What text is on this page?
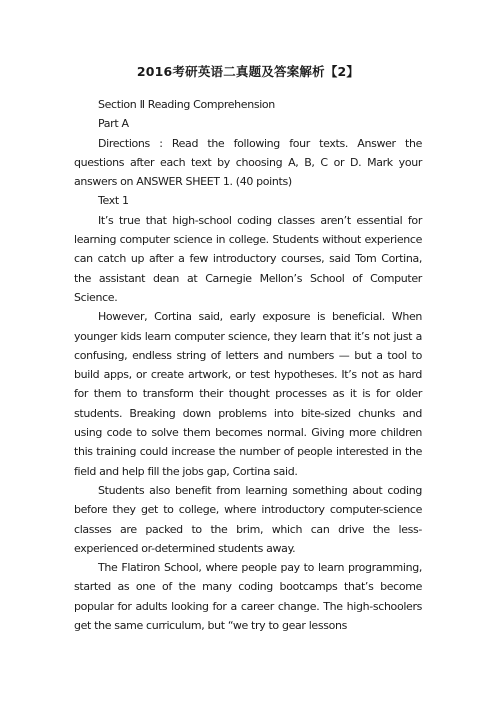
2016考研英语二真题及答案解析【2】

Section Ⅱ Reading Comprehension

Part A

Directions : Read the following four texts. Answer the questions after each text by choosing A, B, C or D. Mark your answers on ANSWER SHEET 1. (40 points)

Text 1

It’s true that high-school coding classes aren’t essential for learning computer science in college. Students without experience can catch up after a few introductory courses, said Tom Cortina, the assistant dean at Carnegie Mellon’s School of Computer Science.

However, Cortina said, early exposure is beneficial. When younger kids learn computer science, they learn that it’s not just a confusing, endless string of letters and numbers — but a tool to build apps, or create artwork, or test hypotheses. It’s not as hard for them to transform their thought processes as it is for older students. Breaking down problems into bite-sized chunks and using code to solve them becomes normal. Giving more children this training could increase the number of people interested in the field and help fill the jobs gap, Cortina said.

Students also benefit from learning something about coding before they get to college, where introductory computer-science classes are packed to the brim, which can drive the less-experienced or-determined students away.

The Flatiron School, where people pay to learn programming, started as one of the many coding bootcamps that’s become popular for adults looking for a career change. The high-schoolers get the same curriculum, but “we try to gear lessons
